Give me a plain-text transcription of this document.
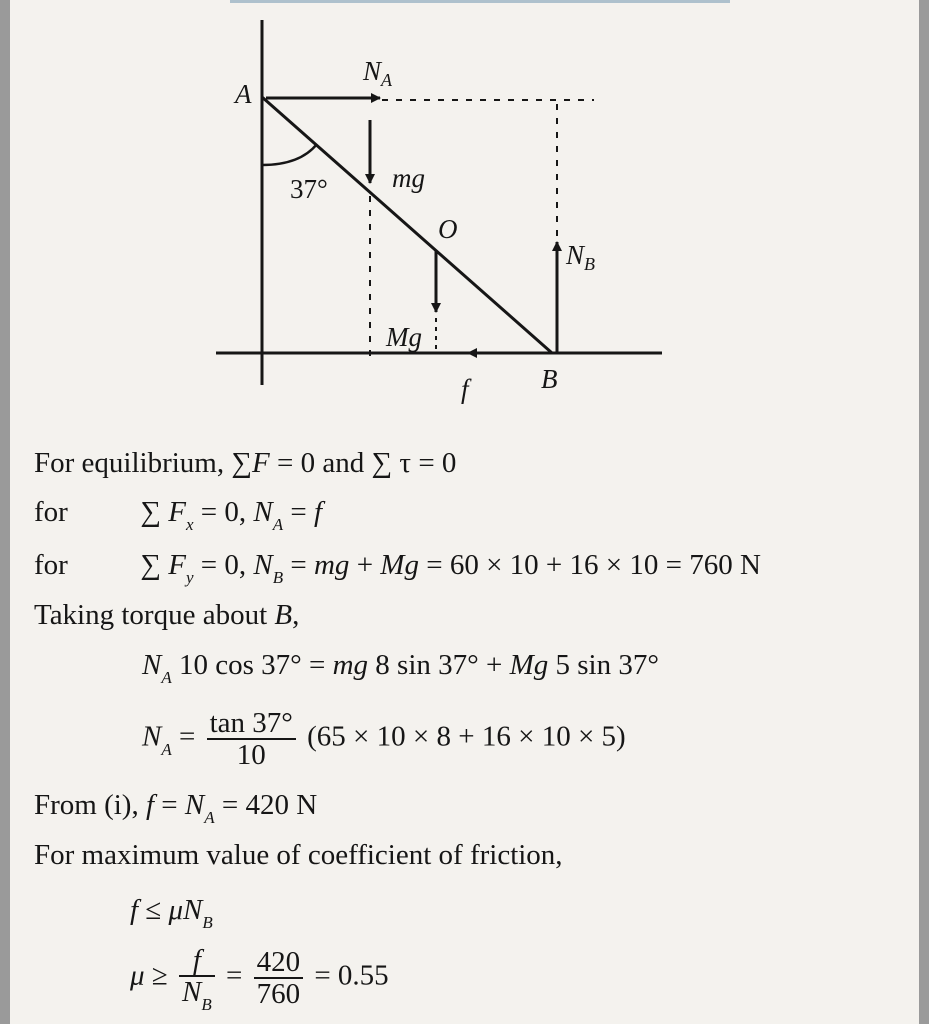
A
B
O
$N_A$
$N_B$
mg
Mg
f
37°
For equilibrium, ∑F = 0 and ∑ τ = 0
for	∑ $F_x = 0$, $N_A = f$
for	∑ $F_y = 0$, $N_B$ = mg + Mg = 60 × 10 + 16 × 10 = 760 N
Taking torque about B,
$N_A$ 10 cos 37° = mg 8 sin 37° + Mg 5 sin 37°
$N_A = \frac{\tan 37^\circ}{10} (65 \times 10 \times 8 + 16 \times 10 \times 5)$
From (i), $f = N_A = 420$ N
For maximum value of coefficient of friction,
$f \le \mu N_B$
$\mu \ge \frac{f}{N_B} = \frac{420}{760} = 0.55$
